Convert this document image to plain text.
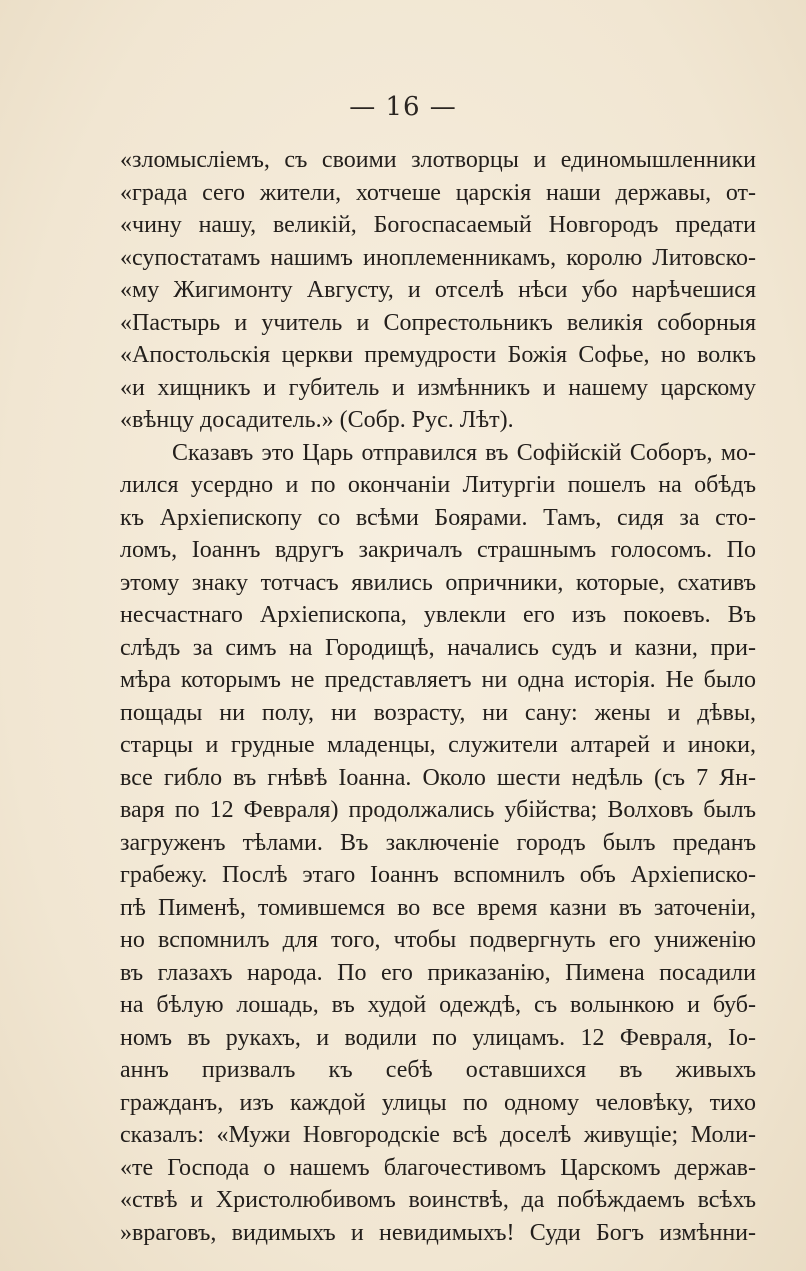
— 16 —
«зломысліемъ, съ своими злотворцы и единомышленники
«града сего жители, хотчеше царскія наши державы, от-
«чину нашу, великій, Богоспасаемый Новгородъ предати
«супостатамъ нашимъ иноплеменникамъ, королю Литовско-
«му Жигимонту Августу, и отселѣ нѣси убо нарѣчешися
«Пастырь и учитель и Сопрестольникъ великія соборныя
«Апостольскія церкви премудрости Божія Софье, но волкъ
«и хищникъ и губитель и измѣнникъ и нашему царскому
«вѣнцу досадитель.» (Собр. Рус. Лѣт).
Сказавъ это Царь отправился въ Софійскій Соборъ, мо-
лился усердно и по окончаніи Литургіи пошелъ на обѣдъ
къ Архіепископу со всѣми Боярами. Тамъ, сидя за сто-
ломъ, Іоаннъ вдругъ закричалъ страшнымъ голосомъ. По
этому знаку тотчасъ явились опричники, которые, схативъ
несчастнаго Архіепископа, увлекли его изъ покоевъ. Въ
слѣдъ за симъ на Городищѣ, начались судъ и казни, при-
мѣра которымъ не представляетъ ни одна исторія. Не было
пощады ни полу, ни возрасту, ни сану: жены и дѣвы,
старцы и грудные младенцы, служители алтарей и иноки,
все гибло въ гнѣвѣ Іоанна. Около шести недѣль (съ 7 Ян-
варя по 12 Февраля) продолжались убійства; Волховъ былъ
загруженъ тѣлами. Въ заключеніе городъ былъ преданъ
грабежу. Послѣ этаго Іоаннъ вспомнилъ объ Архіеписко-
пѣ Пименѣ, томившемся во все время казни въ заточеніи,
но вспомнилъ для того, чтобы подвергнуть его униженію
въ глазахъ народа. По его приказанію, Пимена посадили
на бѣлую лошадь, въ худой одеждѣ, съ волынкою и буб-
номъ въ рукахъ, и водили по улицамъ. 12 Февраля, Іо-
аннъ призвалъ къ себѣ оставшихся въ живыхъ
гражданъ, изъ каждой улицы по одному человѣку, тихо
сказалъ: «Мужи Новгородскіе всѣ доселѣ живущіе; Моли-
«те Господа о нашемъ благочестивомъ Царскомъ держав-
«ствѣ и Христолюбивомъ воинствѣ, да побѣждаемъ всѣхъ
»враговъ, видимыхъ и невидимыхъ! Суди Богъ измѣнни-
